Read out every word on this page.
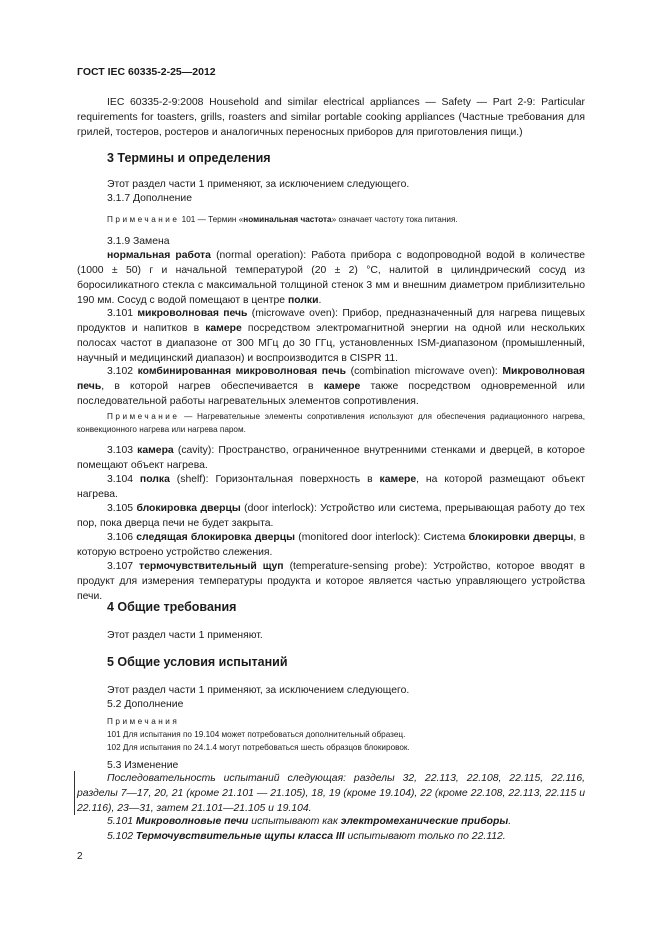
ГОСТ IEC 60335-2-25—2012
IEC 60335-2-9:2008 Household and similar electrical appliances — Safety — Part 2-9: Particular requirements for toasters, grills, roasters and similar portable cooking appliances (Частные требования для грилей, тостеров, ростеров и аналогичных переносных приборов для приготовления пищи.)
3 Термины и определения
Этот раздел части 1 применяют, за исключением следующего.
3.1.7 Дополнение
Примечание 101 — Термин «номинальная частота» означает частоту тока питания.
3.1.9 Замена
нормальная работа (normal operation): Работа прибора с водопроводной водой в количестве (1000 ± 50) г и начальной температурой (20 ± 2) °С, налитой в цилиндрический сосуд из боросиликатного стекла с максимальной толщиной стенок 3 мм и внешним диаметром приблизительно 190 мм. Сосуд с водой помещают в центре полки.
3.101 микроволновая печь (microwave oven): Прибор, предназначенный для нагрева пищевых продуктов и напитков в камере посредством электромагнитной энергии на одной или нескольких полосах частот в диапазоне от 300 МГц до 30 ГГц, установленных ISM-диапазоном (промышленный, научный и медицинский диапазон) и воспроизводится в CISPR 11.
3.102 комбинированная микроволновая печь (combination microwave oven): Микроволновая печь, в которой нагрев обеспечивается в камере также посредством одновременной или последовательной работы нагревательных элементов сопротивления.
Примечание — Нагревательные элементы сопротивления используют для обеспечения радиационного нагрева, конвекционного нагрева или нагрева паром.
3.103 камера (cavity): Пространство, ограниченное внутренними стенками и дверцей, в которое помещают объект нагрева.
3.104 полка (shelf): Горизонтальная поверхность в камере, на которой размещают объект нагрева.
3.105 блокировка дверцы (door interlock): Устройство или система, прерывающая работу до тех пор, пока дверца печи не будет закрыта.
3.106 следящая блокировка дверцы (monitored door interlock): Система блокировки дверцы, в которую встроено устройство слежения.
3.107 термочувствительный щуп (temperature-sensing probe): Устройство, которое вводят в продукт для измерения температуры продукта и которое является частью управляющего устройства печи.
4 Общие требования
Этот раздел части 1 применяют.
5 Общие условия испытаний
Этот раздел части 1 применяют, за исключением следующего.
5.2 Дополнение
Примечания
101 Для испытания по 19.104 может потребоваться дополнительный образец.
102 Для испытания по 24.1.4 могут потребоваться шесть образцов блокировок.
5.3 Изменение
Последовательность испытаний следующая: разделы 32, 22.113, 22.108, 22.115, 22.116, разделы 7—17, 20, 21 (кроме 21.101 — 21.105), 18, 19 (кроме 19.104), 22 (кроме 22.108, 22.113, 22.115 и 22.116), 23—31, затем 21.101—21.105 и 19.104.
5.101 Микроволновые печи испытывают как электромеханические приборы.
5.102 Термочувствительные щупы класса III испытывают только по 22.112.
2
